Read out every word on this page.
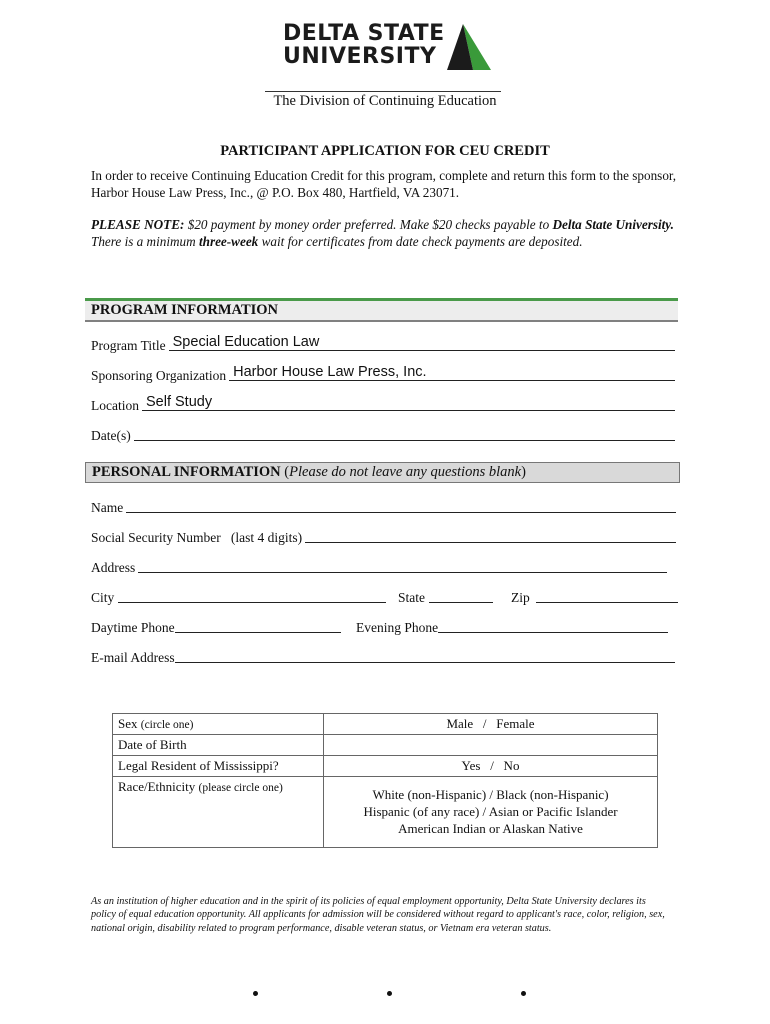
DELTA STATE
UNIVERSITY
The Division of Continuing Education
PARTICIPANT APPLICATION FOR CEU CREDIT
In order to receive Continuing Education Credit for this program, complete and return this form to the sponsor, Harbor House Law Press, Inc., @ P.O. Box 480, Hartfield, VA 23071.
PLEASE NOTE: $20 payment by money order preferred. Make $20 checks payable to Delta State University. There is a minimum three-week wait for certificates from date check payments are deposited.
PROGRAM INFORMATION
Program Title Special Education Law
Sponsoring Organization Harbor House Law Press, Inc.
Location Self Study
Date(s)
PERSONAL INFORMATION (Please do not leave any questions blank)
Name
Social Security Number   (last 4 digits)
Address
City	State	Zip
Daytime Phone	Evening Phone
E-mail Address
Sex (circle one)	Male   /   Female
Date of Birth	
Legal Resident of Mississippi?	Yes   /   No
Race/Ethnicity (please circle one)	White (non-Hispanic) / Black (non-Hispanic)
Hispanic (of any race) / Asian or Pacific Islander
American Indian or Alaskan Native
As an institution of higher education and in the spirit of its policies of equal employment opportunity, Delta State University declares its policy of equal education opportunity. All applicants for admission will be considered without regard to applicant's race, color, religion, sex, national origin, disability related to program performance, disable veteran status, or Vietnam era veteran status.
